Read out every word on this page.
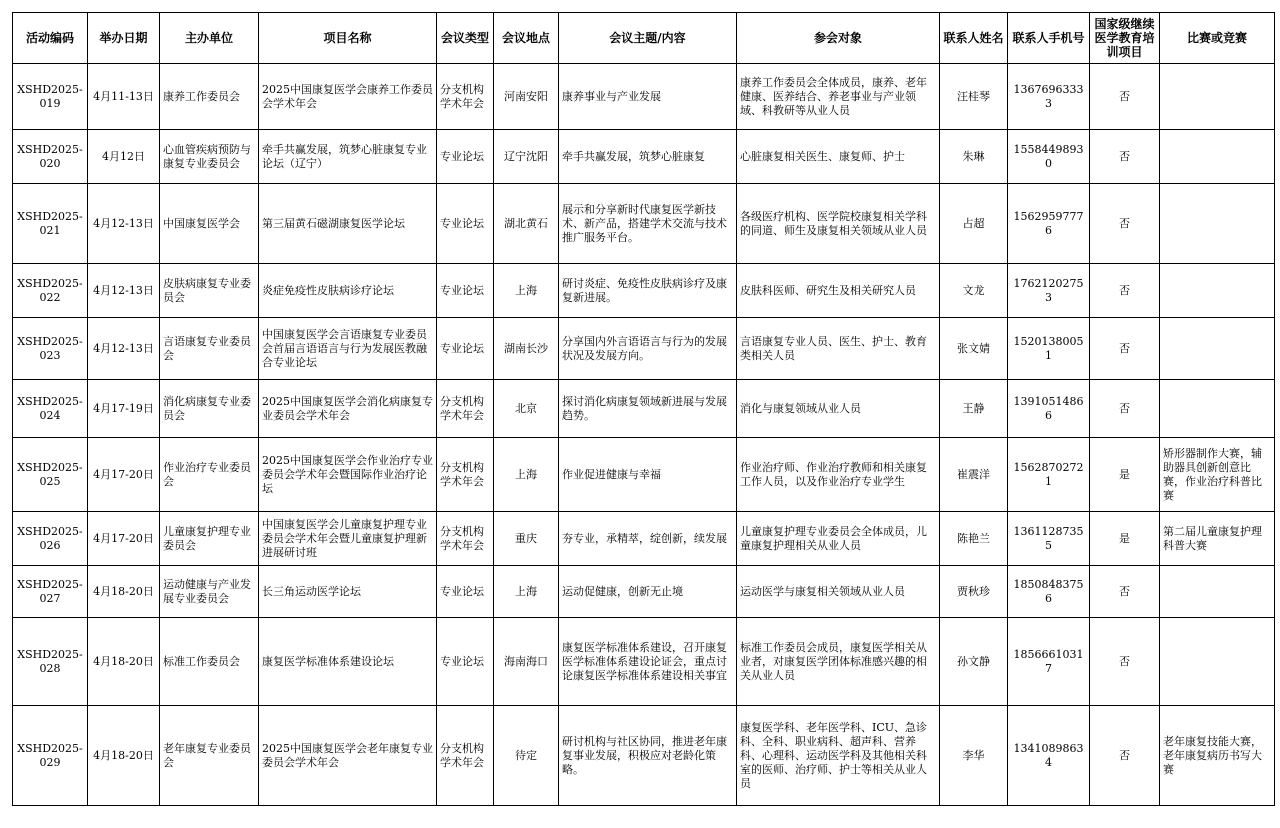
活动编码	举办日期	主办单位	项目名称	会议类型	会议地点	会议主题/内容	参会对象	联系人姓名	联系人手机号	国家级继续医学教育培训项目	比赛或竞赛
XSHD2025-019	4月11-13日	康养工作委员会	2025中国康复医学会康养工作委员会学术年会	分支机构学术年会	河南安阳	康养事业与产业发展	康养工作委员会全体成员，康养、老年健康、医养结合、养老事业与产业领域、科教研等从业人员	汪桂琴	13676963333	否	
XSHD2025-020	4月12日	心血管疾病预防与康复专业委员会	牵手共赢发展，筑梦心脏康复专业论坛（辽宁）	专业论坛	辽宁沈阳	牵手共赢发展，筑梦心脏康复	心脏康复相关医生、康复师、护士	朱琳	15584498930	否	
XSHD2025-021	4月12-13日	中国康复医学会	第三届黄石磁湖康复医学论坛	专业论坛	湖北黄石	展示和分享新时代康复医学新技术、新产品，搭建学术交流与技术推广服务平台。	各级医疗机构、医学院校康复相关学科的同道、师生及康复相关领域从业人员	占超	15629597776	否	
XSHD2025-022	4月12-13日	皮肤病康复专业委员会	炎症免疫性皮肤病诊疗论坛	专业论坛	上海	研讨炎症、免疫性皮肤病诊疗及康复新进展。	皮肤科医师、研究生及相关研究人员	文龙	17621202753	否	
XSHD2025-023	4月12-13日	言语康复专业委员会	中国康复医学会言语康复专业委员会首届言语语言与行为发展医教融合专业论坛	专业论坛	湖南长沙	分享国内外言语语言与行为的发展状况及发展方向。	言语康复专业人员、医生、护士、教育类相关人员	张文婧	15201380051	否	
XSHD2025-024	4月17-19日	消化病康复专业委员会	2025中国康复医学会消化病康复专业委员会学术年会	分支机构学术年会	北京	探讨消化病康复领域新进展与发展趋势。	消化与康复领域从业人员	王静	13910514866	否	
XSHD2025-025	4月17-20日	作业治疗专业委员会	2025中国康复医学会作业治疗专业委员会学术年会暨国际作业治疗论坛	分支机构学术年会	上海	作业促进健康与幸福	作业治疗师、作业治疗教师和相关康复工作人员，以及作业治疗专业学生	崔震洋	15628702721	是	矫形器制作大赛，辅助器具创新创意比赛，作业治疗科普比赛
XSHD2025-026	4月17-20日	儿童康复护理专业委员会	中国康复医学会儿童康复护理专业委员会学术年会暨儿童康复护理新进展研讨班	分支机构学术年会	重庆	夯专业，承精萃，绽创新，续发展	儿童康复护理专业委员会全体成员，儿童康复护理相关从业人员	陈艳兰	13611287355	是	第二届儿童康复护理科普大赛
XSHD2025-027	4月18-20日	运动健康与产业发展专业委员会	长三角运动医学论坛	专业论坛	上海	运动促健康，创新无止境	运动医学与康复相关领域从业人员	贾秋珍	18508483756	否	
XSHD2025-028	4月18-20日	标准工作委员会	康复医学标准体系建设论坛	专业论坛	海南海口	康复医学标准体系建设，召开康复医学标准体系建设论证会，重点讨论康复医学标准体系建设相关事宜	标准工作委员会成员，康复医学相关从业者，对康复医学团体标准感兴趣的相关从业人员	孙文静	18566610317	否	
XSHD2025-029	4月18-20日	老年康复专业委员会	2025中国康复医学会老年康复专业委员会学术年会	分支机构学术年会	待定	研讨机构与社区协同，推进老年康复事业发展，积极应对老龄化策略。	康复医学科、老年医学科、ICU、急诊科、全科、职业病科、超声科、营养科、心理科、运动医学科及其他相关科室的医师、治疗师、护士等相关从业人员	李华	13410898634	否	老年康复技能大赛，老年康复病历书写大赛
